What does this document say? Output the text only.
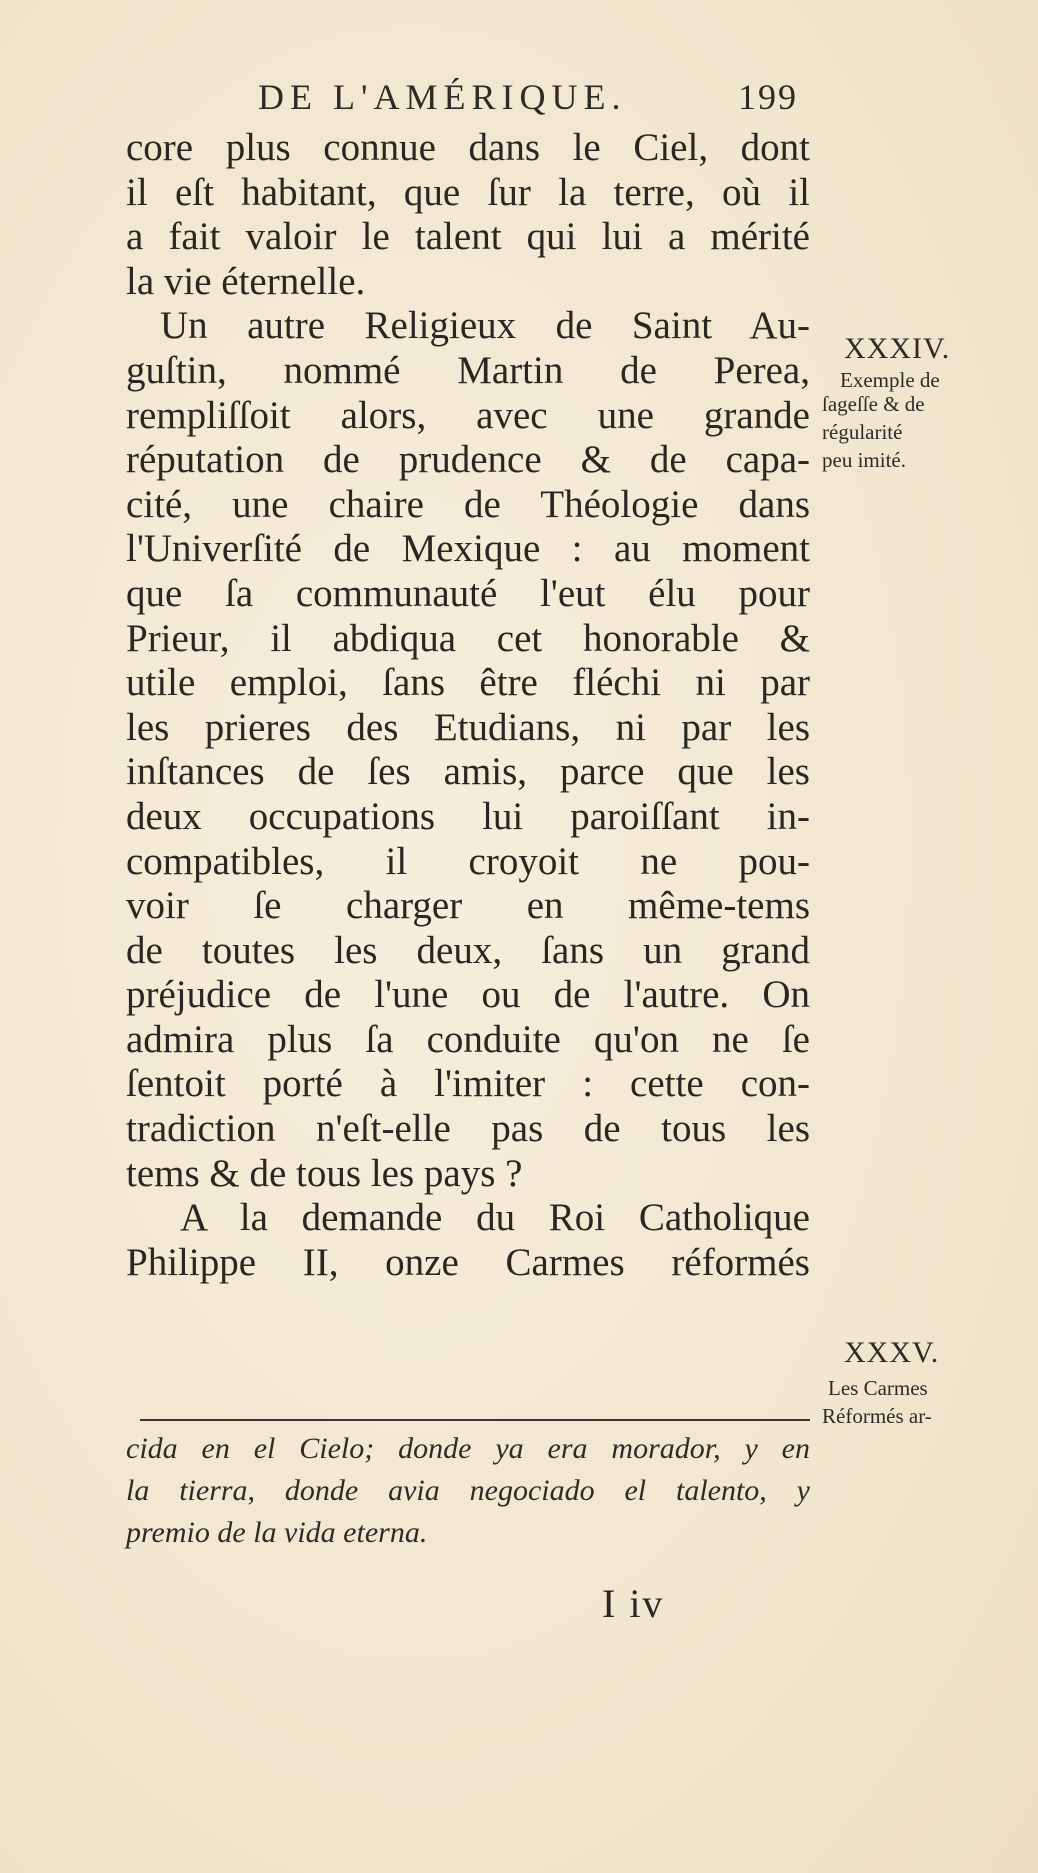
DE L'AMÉRIQUE.	199
core plus connue dans le Ciel, dont
il eſt habitant, que ſur la terre, où il
a fait valoir le talent qui lui a mérité
la vie éternelle.
Un autre Religieux de Saint Au-
guſtin, nommé Martin de Perea,
rempliſſoit alors, avec une grande
réputation de prudence & de capa-
cité, une chaire de Théologie dans
l'Univerſité de Mexique : au moment
que ſa communauté l'eut élu pour
Prieur, il abdiqua cet honorable &
utile emploi, ſans être fléchi ni par
les prieres des Etudians, ni par les
inſtances de ſes amis, parce que les
deux occupations lui paroiſſant in-
compatibles, il croyoit ne pou-
voir ſe charger en même-tems
de toutes les deux, ſans un grand
préjudice de l'une ou de l'autre. On
admira plus ſa conduite qu'on ne ſe
ſentoit porté à l'imiter : cette con-
tradiction n'eſt-elle pas de tous les
tems & de tous les pays ?
A la demande du Roi Catholique
Philippe II, onze Carmes réformés
XXXIV.
Exemple de
ſageſſe & de
régularité
peu imité.
XXXV.
Les Carmes
Réformés ar-
cida en el Cielo; donde ya era morador, y en
la tierra, donde avia negociado el talento, y
premio de la vida eterna.
I iv
